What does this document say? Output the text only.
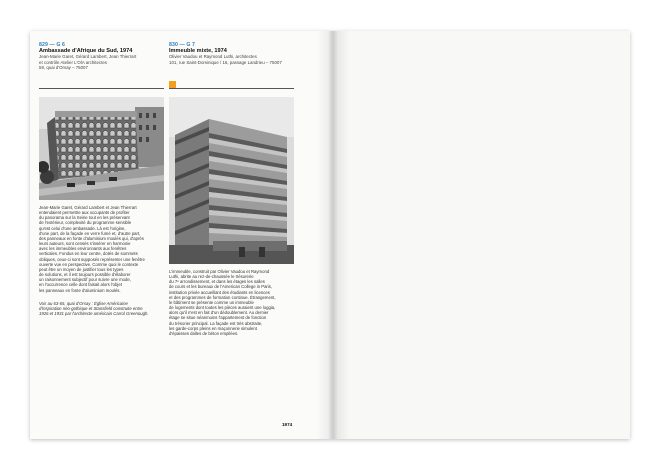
829 — G 6
Ambassade d'Afrique du Sud, 1974
Jean-Marie Garet, Gérard Lambert, Jean Thierrart
et contrôle Atelier L'OlA architectes
59, quai d'Orsay – 75007
830 — G 7
Immeuble mixte, 1974
Olivier Vaudou et Raymond Luthi, architectes
101, rue Saint-Dominique / 16, passage Landrieu – 75007
Jean-Marie Garet, Gérard Lambert et Jean Thierrart
entendaient permettre aux occupants de profiter
du panorama sur la Seine tout en les préservant
de l'extérieur, complexité du programme sensible
qu'est celui d'une ambassade. Là est l'origine,
d'une part, de la façade en verre fumé et, d'autre part,
des panneaux en fonte d'aluminium moulés qui, d'après
leurs auteurs, sont censés s'insérer en harmonie
avec les immeubles environnants aux fenêtres
verticales. Fondus en leur centre, dotés de sommets
obliques, ceux-ci sont supposés représenter une fenêtre
ouverte vue en perspective. Comme quoi le contexte
peut être un moyen de justifier tous les types
de solutions, et il est toujours possible d'élaborer
un raisonnement subjectif pour suivre une mode,
en l'occurrence celle dont faisait alors l'objet
les panneaux en fonte d'aluminium moulés.
Voir au 63-65, quai d'Orsay : Église Américaine
d'inspiration néo-gothique et Stansfield construite entre
1926 et 1931 par l'architecte américain Carrol Greenough.
L'immeuble, construit par Olivier Vaudou et Raymond
Luthi, abrite au rez-de-chaussée le trésorerie
du 7ᵉ arrondissement, et dans les étages les salles
de cours et les bureaux de l'American College in Paris,
institution privée accueillant des étudiants en licences
et des programmes de formation continue. Étrangement,
le bâtiment se présente comme un immeuble
de logements dont toutes les pièces auraient une loggia,
alors qu'il n'est en fait d'un dédoublement. Au dernier
étage se situe néanmoins l'appartement de fonction
du trésorier principal. La façade est très abstraite,
les garde-corps pleins en maçonnerie simulent
d'épaisses dalles de béton empilées.
1974
